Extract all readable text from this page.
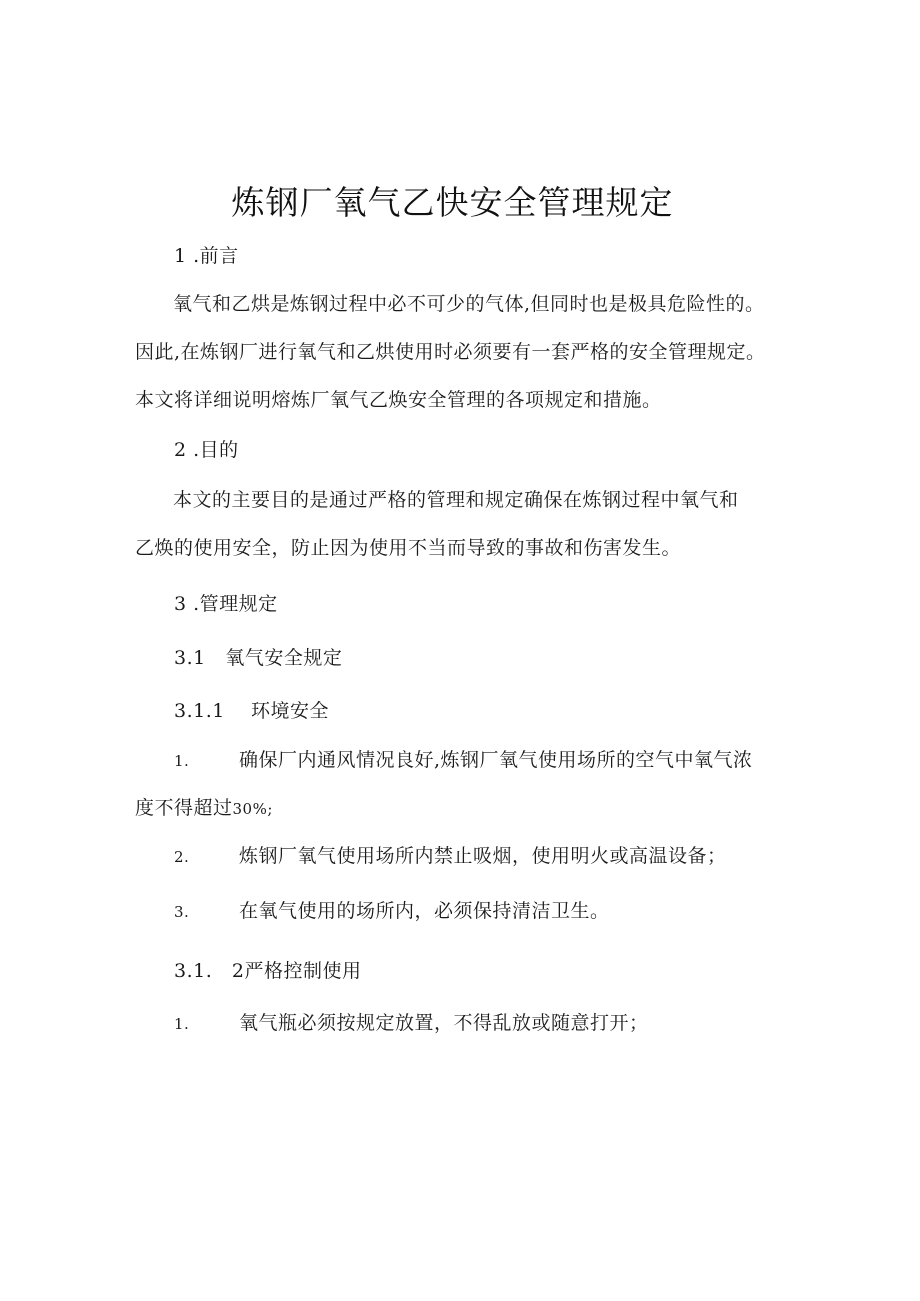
炼钢厂氧气乙快安全管理规定
1 .前言
氧气和乙烘是炼钢过程中必不可少的气体,但同时也是极具危险性的。
因此,在炼钢厂进行氧气和乙烘使用时必须要有一套严格的安全管理规定。
本文将详细说明熔炼厂氧气乙焕安全管理的各项规定和措施。
2 .目的
本文的主要目的是通过严格的管理和规定确保在炼钢过程中氧气和
乙焕的使用安全，防止因为使用不当而导致的事故和伤害发生。
3 .管理规定
3.1 氧气安全规定
3.1.1 环境安全
1.	确保厂内通风情况良好,炼钢厂氧气使用场所的空气中氧气浓
度不得超过30%;
2.	炼钢厂氧气使用场所内禁止吸烟，使用明火或高温设备；
3.	在氧气使用的场所内，必须保持清洁卫生。
3.1. 2严格控制使用
1.	氧气瓶必须按规定放置，不得乱放或随意打开；
